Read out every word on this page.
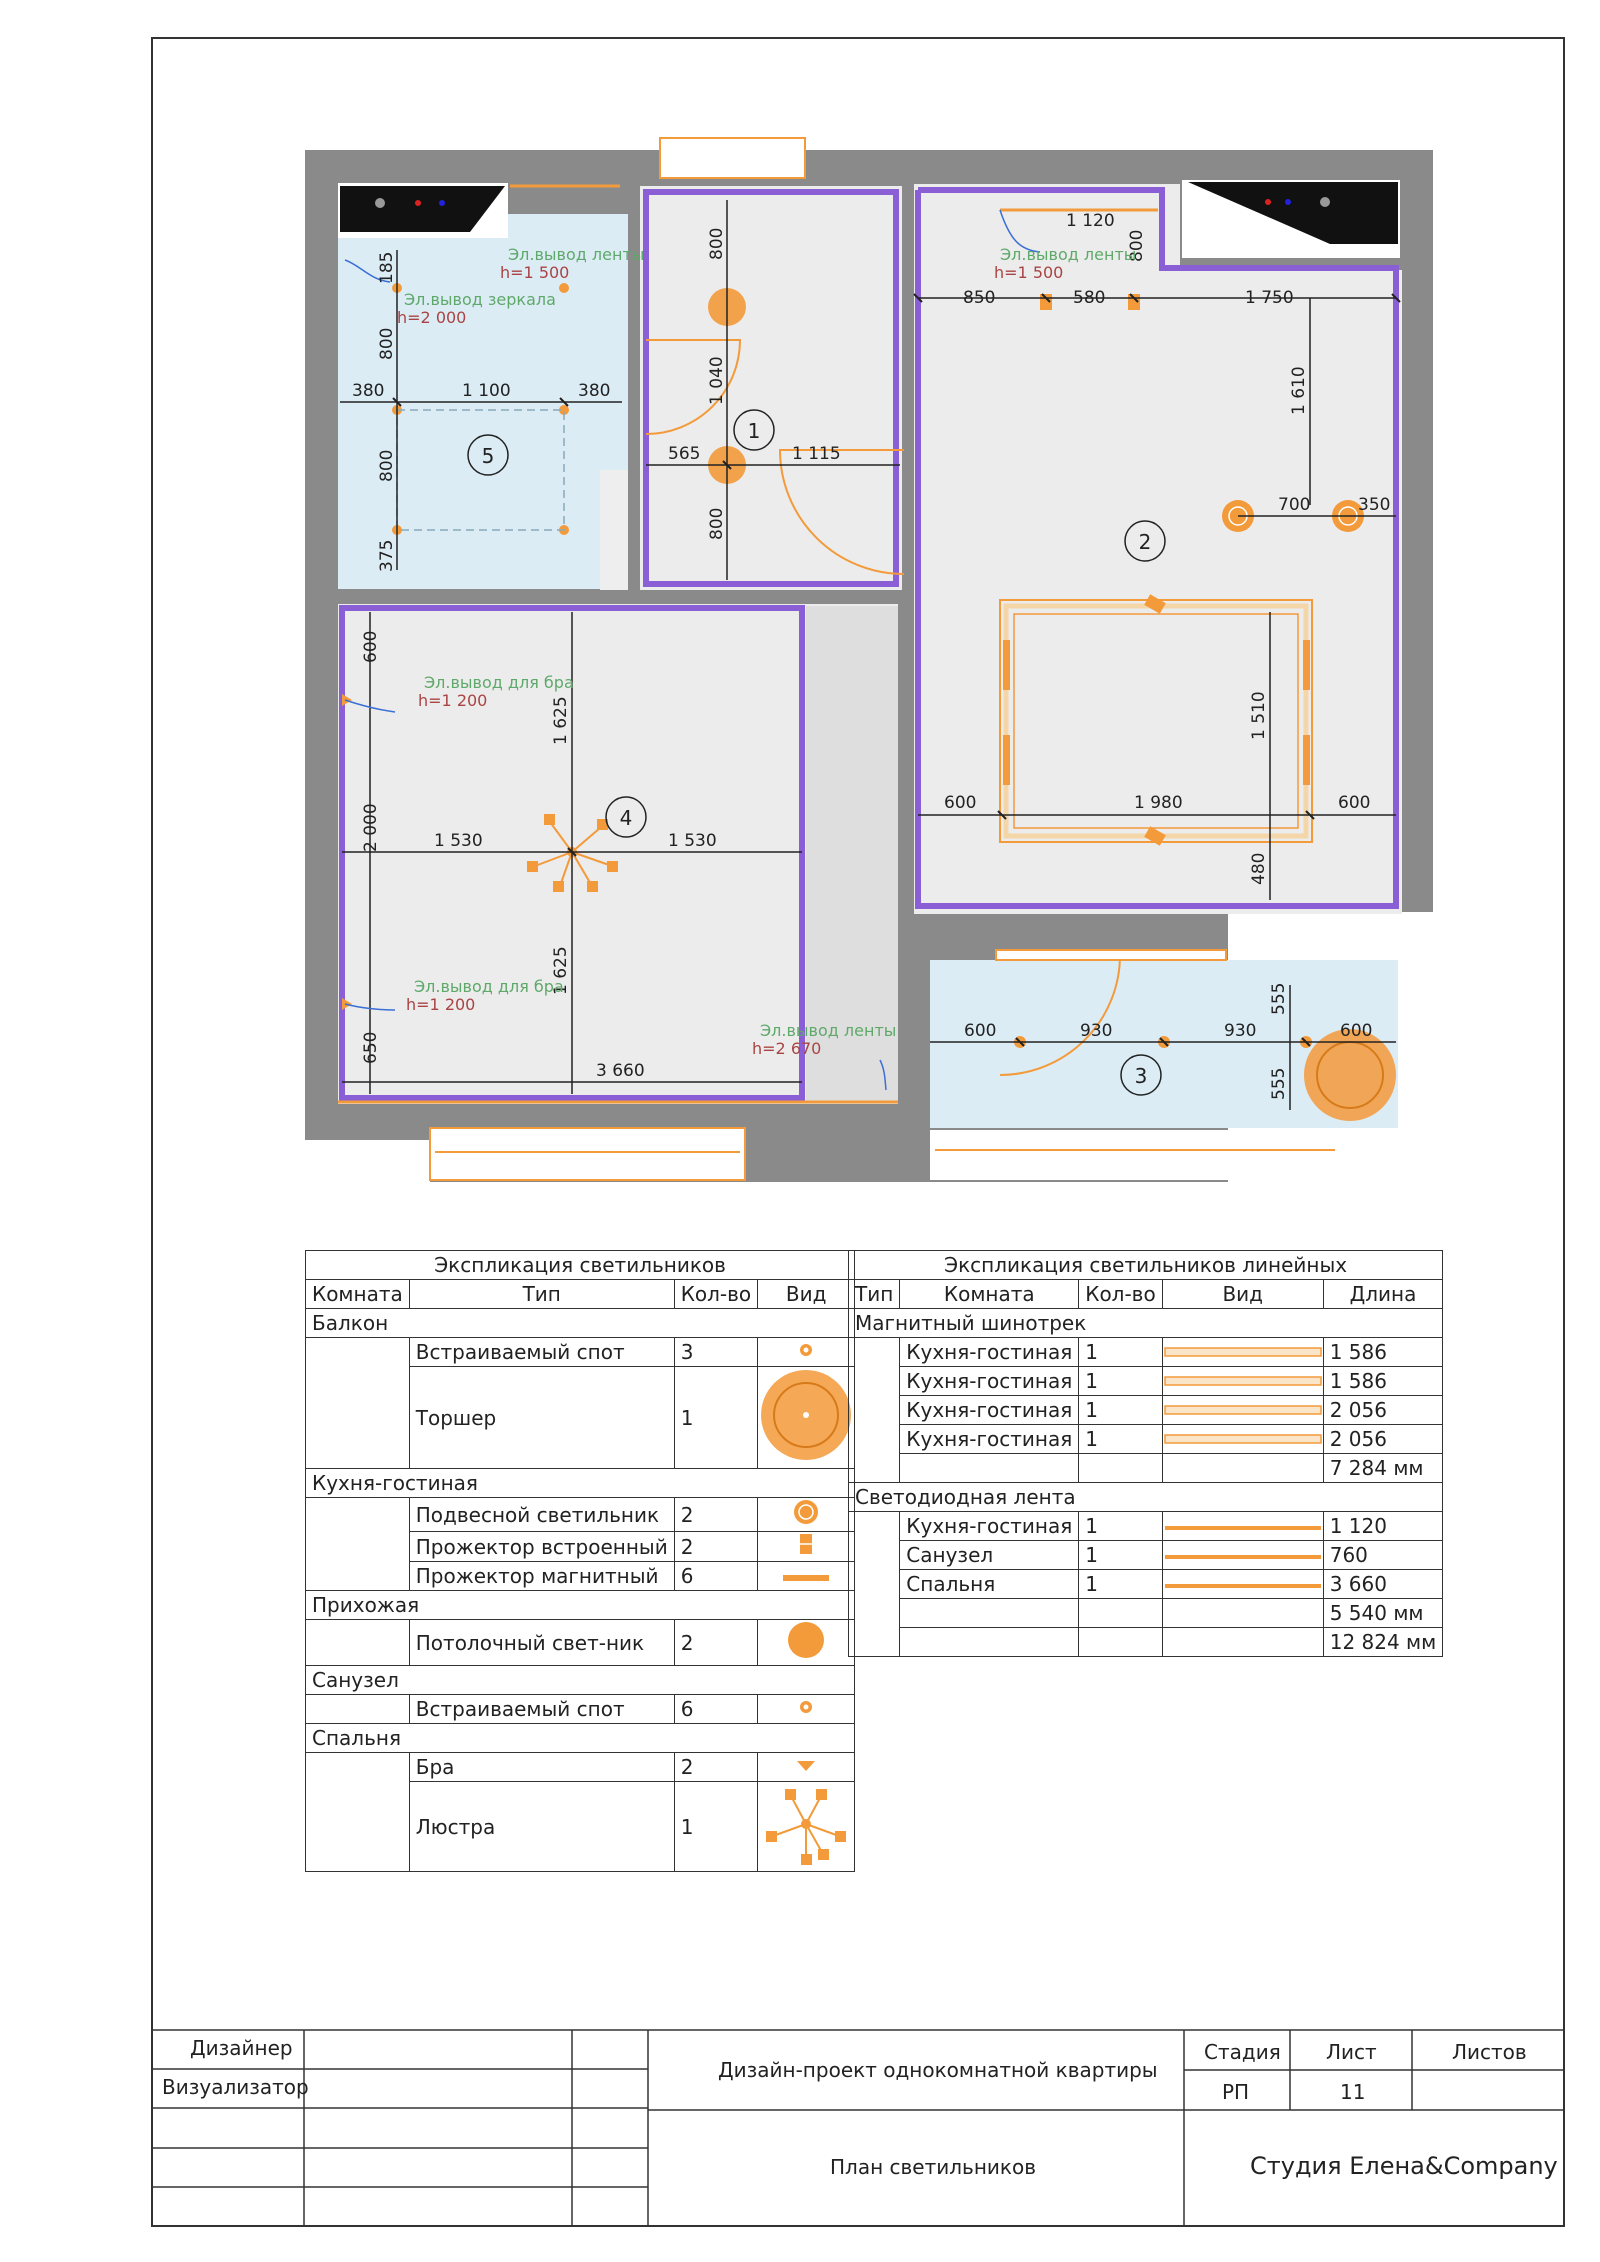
1
2
3
4
5
185
800
800
375
380	1 100	380
800
1 040
800
565	1 115
1 120
800
850	580	1 750
1 610
700	350
1 510
600	1 980	600
480
600
1 625
2 000	1 530	1 530
1 625
650
3 660
555
555
600	930	930	600
Эл.вывод ленты
h=1 500
Эл.вывод зеркала
h=2 000
Эл.вывод ленты
h=1 500
Эл.вывод для бра
h=1 200
Эл.вывод для бра
h=1 200
Эл.вывод ленты
h=2 670
Экспликация светильников			
Комната	Тип	Кол-во	Вид
Балкон			
	Встраиваемый спот	3	
	Торшер	1	
Кухня-гостиная			
	Подвесной светильник	2	
	Прожектор встроенный	2	
	Прожектор магнитный	6	
Прихожая			
	Потолочный свет-ник	2	
Санузел			
	Встраиваемый спот	6	
Спальня			
	Бра	2	
	Люстра	1	
Экспликация светильников линейных				
Тип	Комната	Кол-во	Вид	Длина
Магнитный шинотрек				
	Кухня-гостиная	1		1 586
	Кухня-гостиная	1		1 586
	Кухня-гостиная	1		2 056
	Кухня-гостиная	1		2 056
				7 284 мм
Светодиодная лента				
	Кухня-гостиная	1		1 120
	Санузел	1		760
	Спальня	1		3 660
				5 540 мм
				12 824 мм
Дизайнер
Визуализатор
Дизайн-проект однокомнатной квартиры
План светильников
Стадия Лист	Листов
РП	11
Студия Елена&Company
